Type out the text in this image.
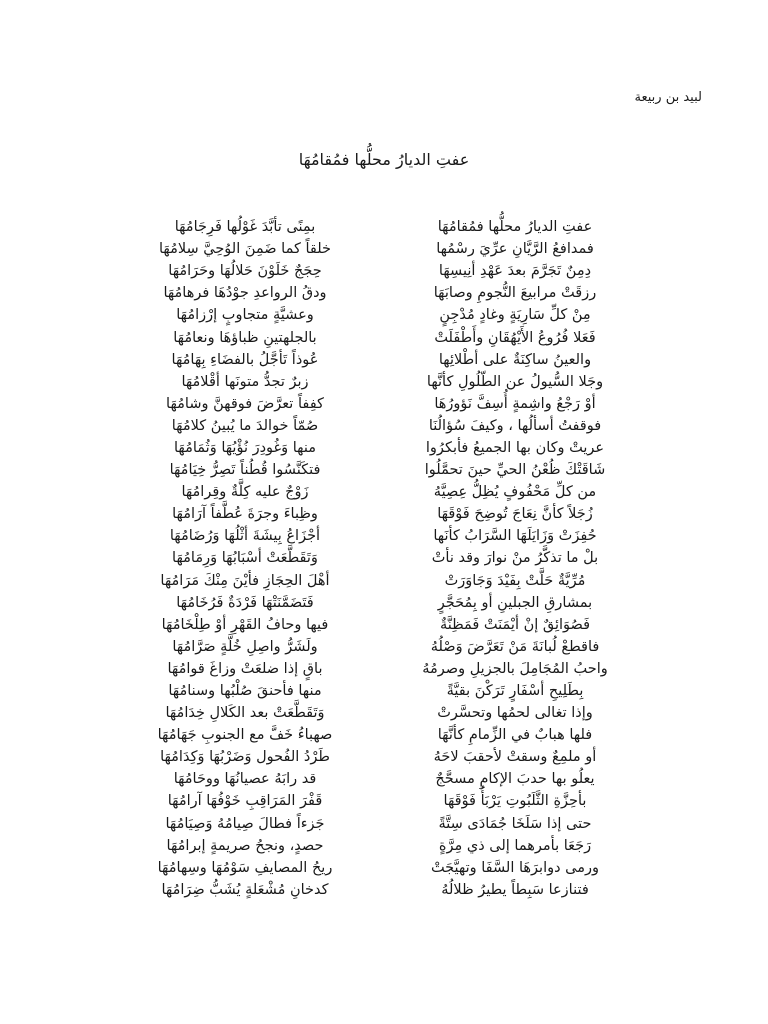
لبيد بن ربيعة
عفتِ الديارُ محلُّها فمُقامُهَا
عفتِ الديارُ محلُّها فمُقامُهَا
بمِنًى تأبَّدَ غَوْلُها فَرِجَامُهَا
فمدافعُ الرَّيَّانِ عرِّيَ رسْمُها
خلقاً كما ضَمِنَ الوُحِيَّ سِلامُهَا
دِمِنٌ تَجَرَّمَ بعدَ عَهْدِ أنِيسِهَا
حِجَجٌ خَلَوْنَ حَلالُهَا وحَرَامُهَا
رزقَتْ مرابيعَ النُّجومِ وصابَهَا
ودقُ الرواعدِ جوْدُهَا فرهامُهَا
مِنْ كلِّ سَارِيَةٍ وغادٍ مُدْجِنٍ
وعشيَّةٍ متجاوبٍ إرْزامُهَا
فَعَلا فُرُوعُ الأَيْهُقَانِ وأَطْفَلَتْ
بالجلهتينِ ظباؤهَا ونعامُهَا
والعينُ ساكِنَةٌ على أطْلائِها
عُوذاً تَأجَّلُ بالفضَاءِ بِهَامُهَا
وجَلا السُّيولُ عن الطّلُولِ كأنَّها
زبرٌ تجدُّ متونَها أقْلامُهَا
أوْ رَجْعُ واشِمةٍ أُسِفَّ نَؤورُهَا
كفِفاً تعرَّضَ فوقهنَّ وشامُهَا
فوقفتُ أسألُها ، وكيفَ سُؤالُنَا
صُمّاً خوالدَ ما يُبينُ كلامُهَا
عريتْ وكان بها الجميعُ فأبكرُوا
منها وَغُودِرَ نُؤْيُهَا وَثُمَامُهَا
شَاقَتْكَ ظُعْنُ الحيِّ حينَ تحمَّلُوا
فتكَنَّسُوا قُطُناً تَصِرُّ خِيَامُهَا
من كلِّ مَحْفُوفٍ يُظِلُّ عِصِيَّهُ
زَوْجٌ عليه كِلَّةٌ وقِرامُهَا
زُجَلاً كأنَّ نِعَاجَ تُوضِحَ فَوْقَهَا
وظِباءَ وجرَةَ عُطَّفاً آرَامُهَا
حُفِزَتْ وَزَايَلَهَا السَّرَابُ كأنَها
أجْزَاعُ بِيشَةَ أثْلُهَا وَرُضَامُهَا
بلْ ما تذكَّرُ منْ نوارَ وقد نأتْ
وَتَقَطَّعَتْ أسْبَابُهَا وَرِمَامُهَا
مُرِّيَّةٌ حَلَّتْ بِفَيْدَ وَجَاوَرَتْ
أهْلَ الحِجَازِ فأيْنَ مِنْكَ مَرَامُهَا
بمشارقِ الجبلينِ أو بِمُحَجَّرٍ
فَتَضَمَّنَتْهَا فَرْدَةٌ فَرُخَامُهَا
فَصُوَائِقٌ إنْ أيْمَنَتْ فَمَظِنَّةٌ
فيها وحافُ القَهْرِ أوْ طِلْخَامُهَا
فاقطعْ لُبانَةَ مَنْ تَعَرَّضَ وَصْلُهُ
ولَشَرُّ واصِلِ خُلَّةٍ صَرَّامُهَا
واحبُ المُجَامِلَ بالجزيلِ وصرمُهُ
باقٍ إذا ضلعَتْ وزاغَ قوامُهَا
بِطَلِيحِ أسْفَارٍ تَرَكْنَ بقيَّةً
منها فأحنقَ صُلْبُها وسنامُهَا
وإذا تغالى لحمُها وتحسَّرتْ
وَتَقَطَّعَتْ بعد الكَلالِ خِدَامُهَا
فلها هبابٌ في الزِّمامِ كأنَّهَا
صهباءُ خَفَّ مع الجنوبِ جَهَامُهَا
أو ملمِعٌ وسقتْ لأحقبَ لاحَهُ
طَرْدُ الفُحول وَضَرْبُهَا وَكِدَامُهَا
يعلُو بها حدبَ الإكامِ مسحَّجٌ
قد رابَهُ عصيانُهَا ووحَامُهَا
بأحِزَّةِ الثَّلَبُوتِ يَرْبَأُ فَوْقَهَا
قَفْرَ المَرَاقِبِ خَوْفُهَا آرامُهَا
حتى إذا سَلَخَا جُمَادَى سِتَّةً
جَزءاً فطالَ صِيامُهُ وَصِيَامُهَا
رَجَعَا بأمرهما إلى ذي مِرَّةٍ
حصدٍ، ونجحُ صريمةٍ إبرامُهَا
ورمى دوابرَهَا السَّفَا وتهيَّجَتْ
ريحُ المصايفِ سَوْمُهَا وسِهامُهَا
فتنازعا سَبِطاً يطيرُ ظلالُهُ
كدخانِ مُشْعَلةٍ يُشَبُّ ضِرَامُهَا
